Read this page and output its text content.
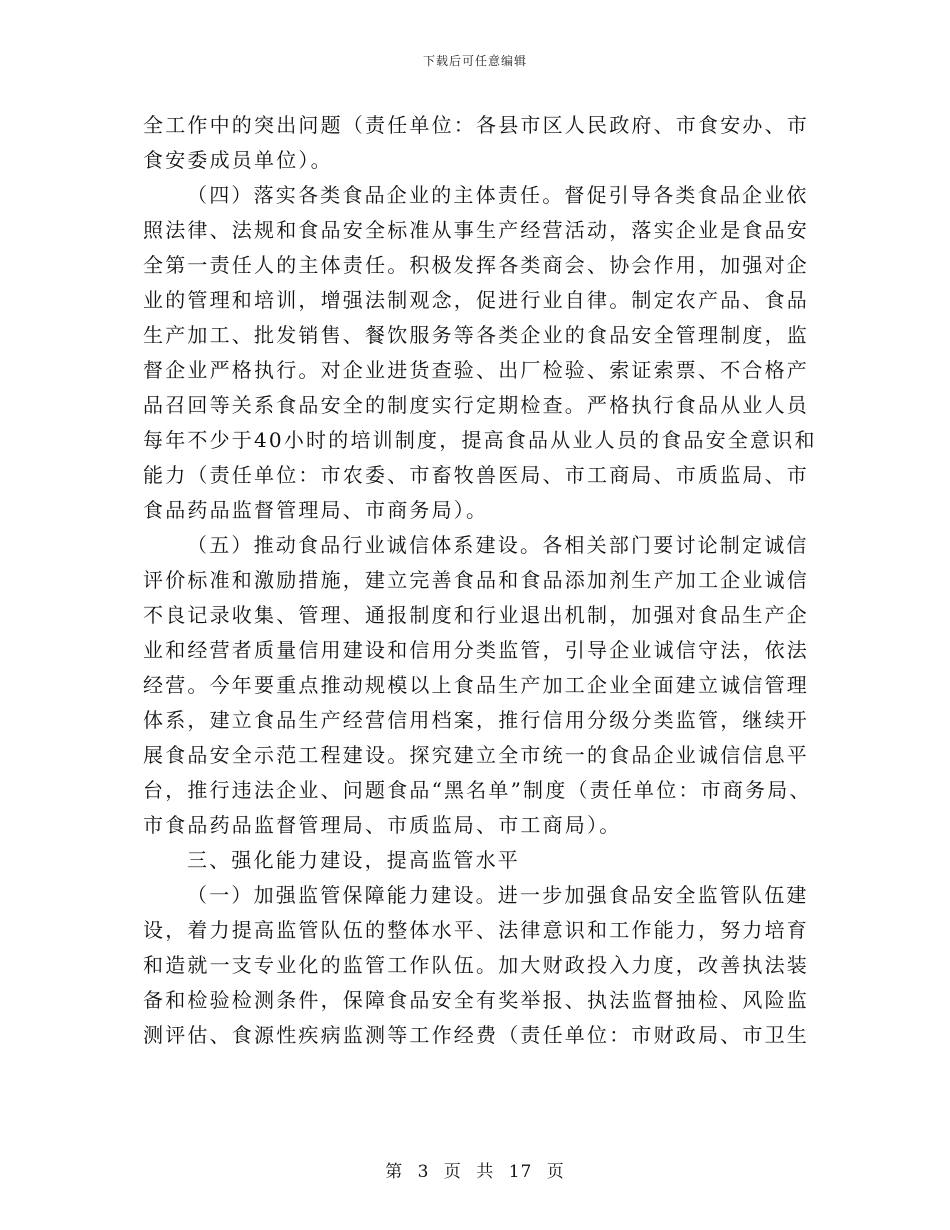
下载后可任意编辑
全工作中的突出问题（责任单位：各县市区人民政府、市食安办、市
食安委成员单位）。
（四）落实各类食品企业的主体责任。督促引导各类食品企业依
照法律、法规和食品安全标准从事生产经营活动，落实企业是食品安
全第一责任人的主体责任。积极发挥各类商会、协会作用，加强对企
业的管理和培训，增强法制观念，促进行业自律。制定农产品、食品
生产加工、批发销售、餐饮服务等各类企业的食品安全管理制度，监
督企业严格执行。对企业进货查验、出厂检验、索证索票、不合格产
品召回等关系食品安全的制度实行定期检查。严格执行食品从业人员
每年不少于40小时的培训制度，提高食品从业人员的食品安全意识和
能力（责任单位：市农委、市畜牧兽医局、市工商局、市质监局、市
食品药品监督管理局、市商务局）。
（五）推动食品行业诚信体系建设。各相关部门要讨论制定诚信
评价标准和激励措施，建立完善食品和食品添加剂生产加工企业诚信
不良记录收集、管理、通报制度和行业退出机制，加强对食品生产企
业和经营者质量信用建设和信用分类监管，引导企业诚信守法，依法
经营。今年要重点推动规模以上食品生产加工企业全面建立诚信管理
体系，建立食品生产经营信用档案，推行信用分级分类监管，继续开
展食品安全示范工程建设。探究建立全市统一的食品企业诚信信息平
台，推行违法企业、问题食品“黑名单”制度（责任单位：市商务局、
市食品药品监督管理局、市质监局、市工商局）。
三、强化能力建设，提高监管水平
（一）加强监管保障能力建设。进一步加强食品安全监管队伍建
设，着力提高监管队伍的整体水平、法律意识和工作能力，努力培育
和造就一支专业化的监管工作队伍。加大财政投入力度，改善执法装
备和检验检测条件，保障食品安全有奖举报、执法监督抽检、风险监
测评估、食源性疾病监测等工作经费（责任单位：市财政局、市卫生
第 3 页 共 17 页
